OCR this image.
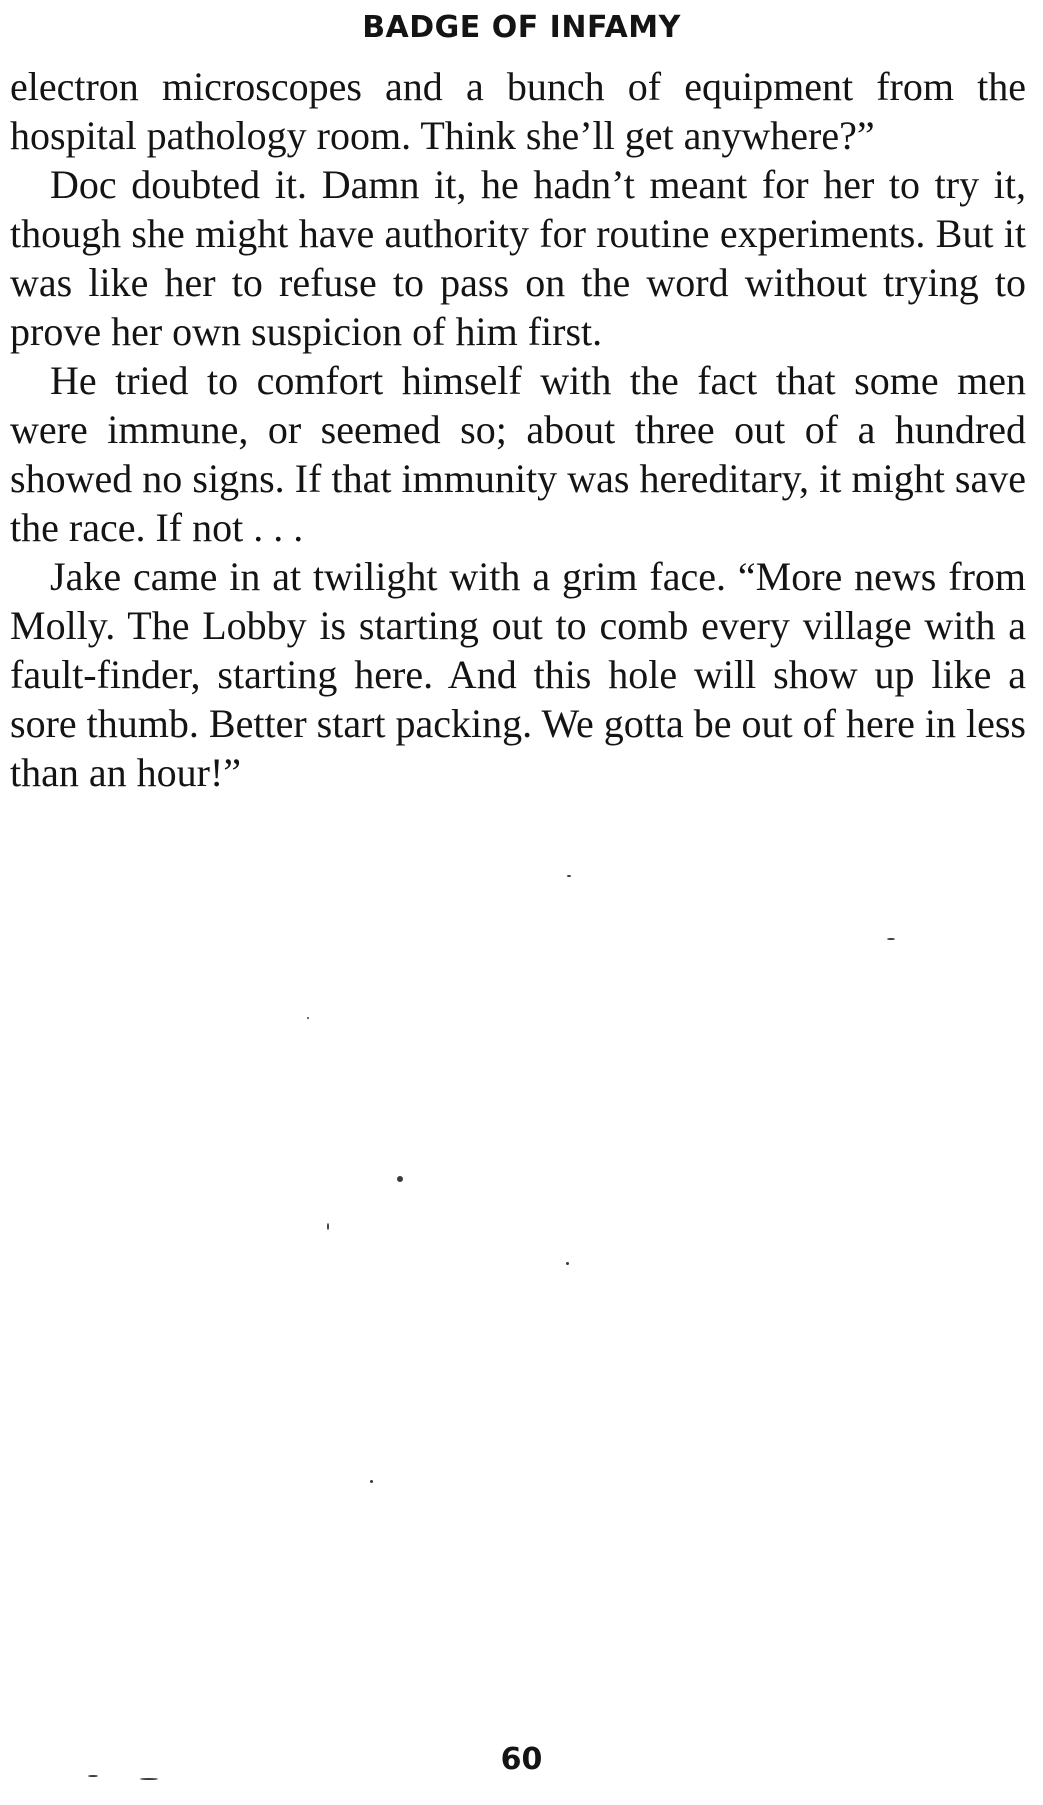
BADGE OF INFAMY

electron microscopes and a bunch of equipment from the hospital pathology room. Think she’ll get anywhere?”

Doc doubted it. Damn it, he hadn’t meant for her to try it, though she might have authority for routine experiments. But it was like her to refuse to pass on the word without trying to prove her own suspicion of him first.

He tried to comfort himself with the fact that some men were immune, or seemed so; about three out of a hundred showed no signs. If that immunity was hereditary, it might save the race. If not . . .

Jake came in at twilight with a grim face. “More news from Molly. The Lobby is starting out to comb every village with a fault-finder, starting here. And this hole will show up like a sore thumb. Better start packing. We gotta be out of here in less than an hour!”

60
